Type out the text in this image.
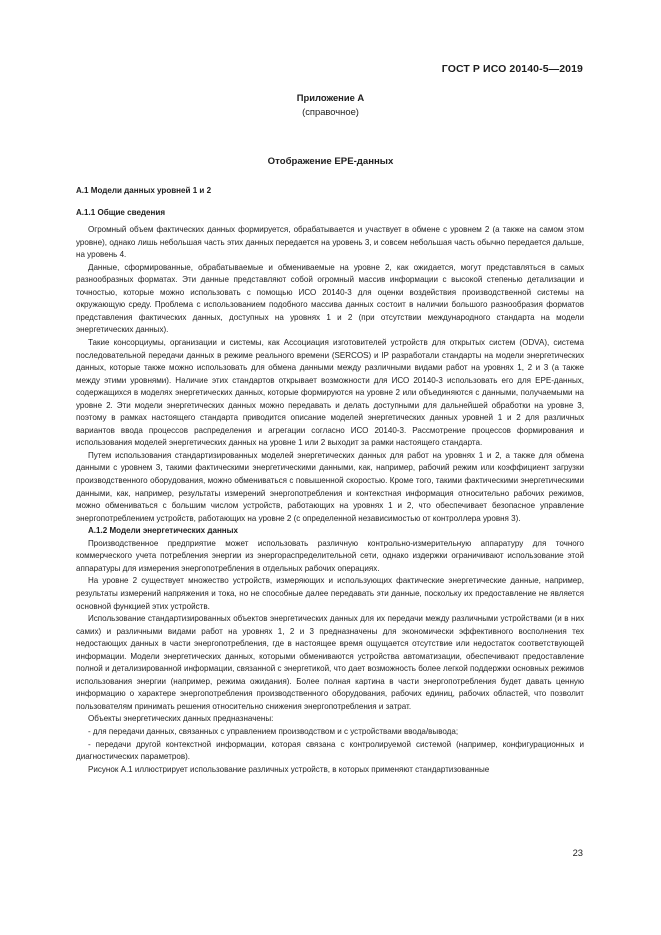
ГОСТ Р ИСО 20140-5—2019
Приложение А
(справочное)
Отображение ЕРЕ-данных
А.1 Модели данных уровней 1 и 2
А.1.1 Общие сведения

Огромный объем фактических данных формируется, обрабатывается и участвует в обмене с уровнем 2 (а также на самом этом уровне), однако лишь небольшая часть этих данных передается на уровень 3, и совсем небольшая часть обычно передается дальше, на уровень 4.

Данные, сформированные, обрабатываемые и обмениваемые на уровне 2, как ожидается, могут представляться в самых разнообразных форматах. Эти данные представляют собой огромный массив информации с высокой степенью детализации и точностью, которые можно использовать с помощью ИСО 20140-3 для оценки воздействия производственной системы на окружающую среду. Проблема с использованием подобного массива данных состоит в наличии большого разнообразия форматов представления фактических данных, доступных на уровнях 1 и 2 (при отсутствии международного стандарта на модели энергетических данных).

Такие консорциумы, организации и системы, как Ассоциация изготовителей устройств для открытых систем (ODVA), система последовательной передачи данных в режиме реального времени (SERCOS) и IP разработали стандарты на модели энергетических данных, которые также можно использовать для обмена данными между различными видами работ на уровнях 1, 2 и 3 (а также между этими уровнями). Наличие этих стандартов открывает возможности для ИСО 20140-3 использовать его для ЕРЕ-данных, содержащихся в моделях энергетических данных, которые формируются на уровне 2 или объединяются с данными, получаемыми на уровне 2. Эти модели энергетических данных можно передавать и делать доступными для дальнейшей обработки на уровне 3, поэтому в рамках настоящего стандарта приводится описание моделей энергетических данных уровней 1 и 2 для различных вариантов ввода процессов распределения и агрегации согласно ИСО 20140-3. Рассмотрение процессов формирования и использования моделей энергетических данных на уровне 1 или 2 выходит за рамки настоящего стандарта.

Путем использования стандартизированных моделей энергетических данных для работ на уровнях 1 и 2, а также для обмена данными с уровнем 3, такими фактическими энергетическими данными, как, например, рабочий режим или коэффициент загрузки производственного оборудования, можно обмениваться с повышенной скоростью. Кроме того, такими фактическими энергетическими данными, как, например, результаты измерений энергопотребления и контекстная информация относительно рабочих режимов, можно обмениваться с большим числом устройств, работающих на уровнях 1 и 2, что обеспечивает безопасное управление энергопотреблением устройств, работающих на уровне 2 (с определенной независимостью от контроллера уровня 3).

А.1.2 Модели энергетических данных

Производственное предприятие может использовать различную контрольно-измерительную аппаратуру для точного коммерческого учета потребления энергии из энергораспределительной сети, однако издержки ограничивают использование этой аппаратуры для измерения энергопотребления в отдельных рабочих операциях.

На уровне 2 существует множество устройств, измеряющих и использующих фактические энергетические данные, например, результаты измерений напряжения и тока, но не способные далее передавать эти данные, поскольку их предоставление не является основной функцией этих устройств.

Использование стандартизированных объектов энергетических данных для их передачи между различными устройствами (и в них самих) и различными видами работ на уровнях 1, 2 и 3 предназначены для экономически эффективного восполнения тех недостающих данных в части энергопотребления, где в настоящее время ощущается отсутствие или недостаток соответствующей информации. Модели энергетических данных, которыми обмениваются устройства автоматизации, обеспечивают предоставление полной и детализированной информации, связанной с энергетикой, что дает возможность более легкой поддержки основных режимов использования энергии (например, режима ожидания). Более полная картина в части энергопотребления будет давать ценную информацию о характере энергопотребления производственного оборудования, рабочих единиц, рабочих областей, что позволит пользователям принимать решения относительно снижения энергопотребления и затрат.

Объекты энергетических данных предназначены:

- для передачи данных, связанных с управлением производством и с устройствами ввода/вывода;

- передачи другой контекстной информации, которая связана с контролируемой системой (например, конфигурационных и диагностических параметров).

Рисунок А.1 иллюстрирует использование различных устройств, в которых применяют стандартизованные

23
